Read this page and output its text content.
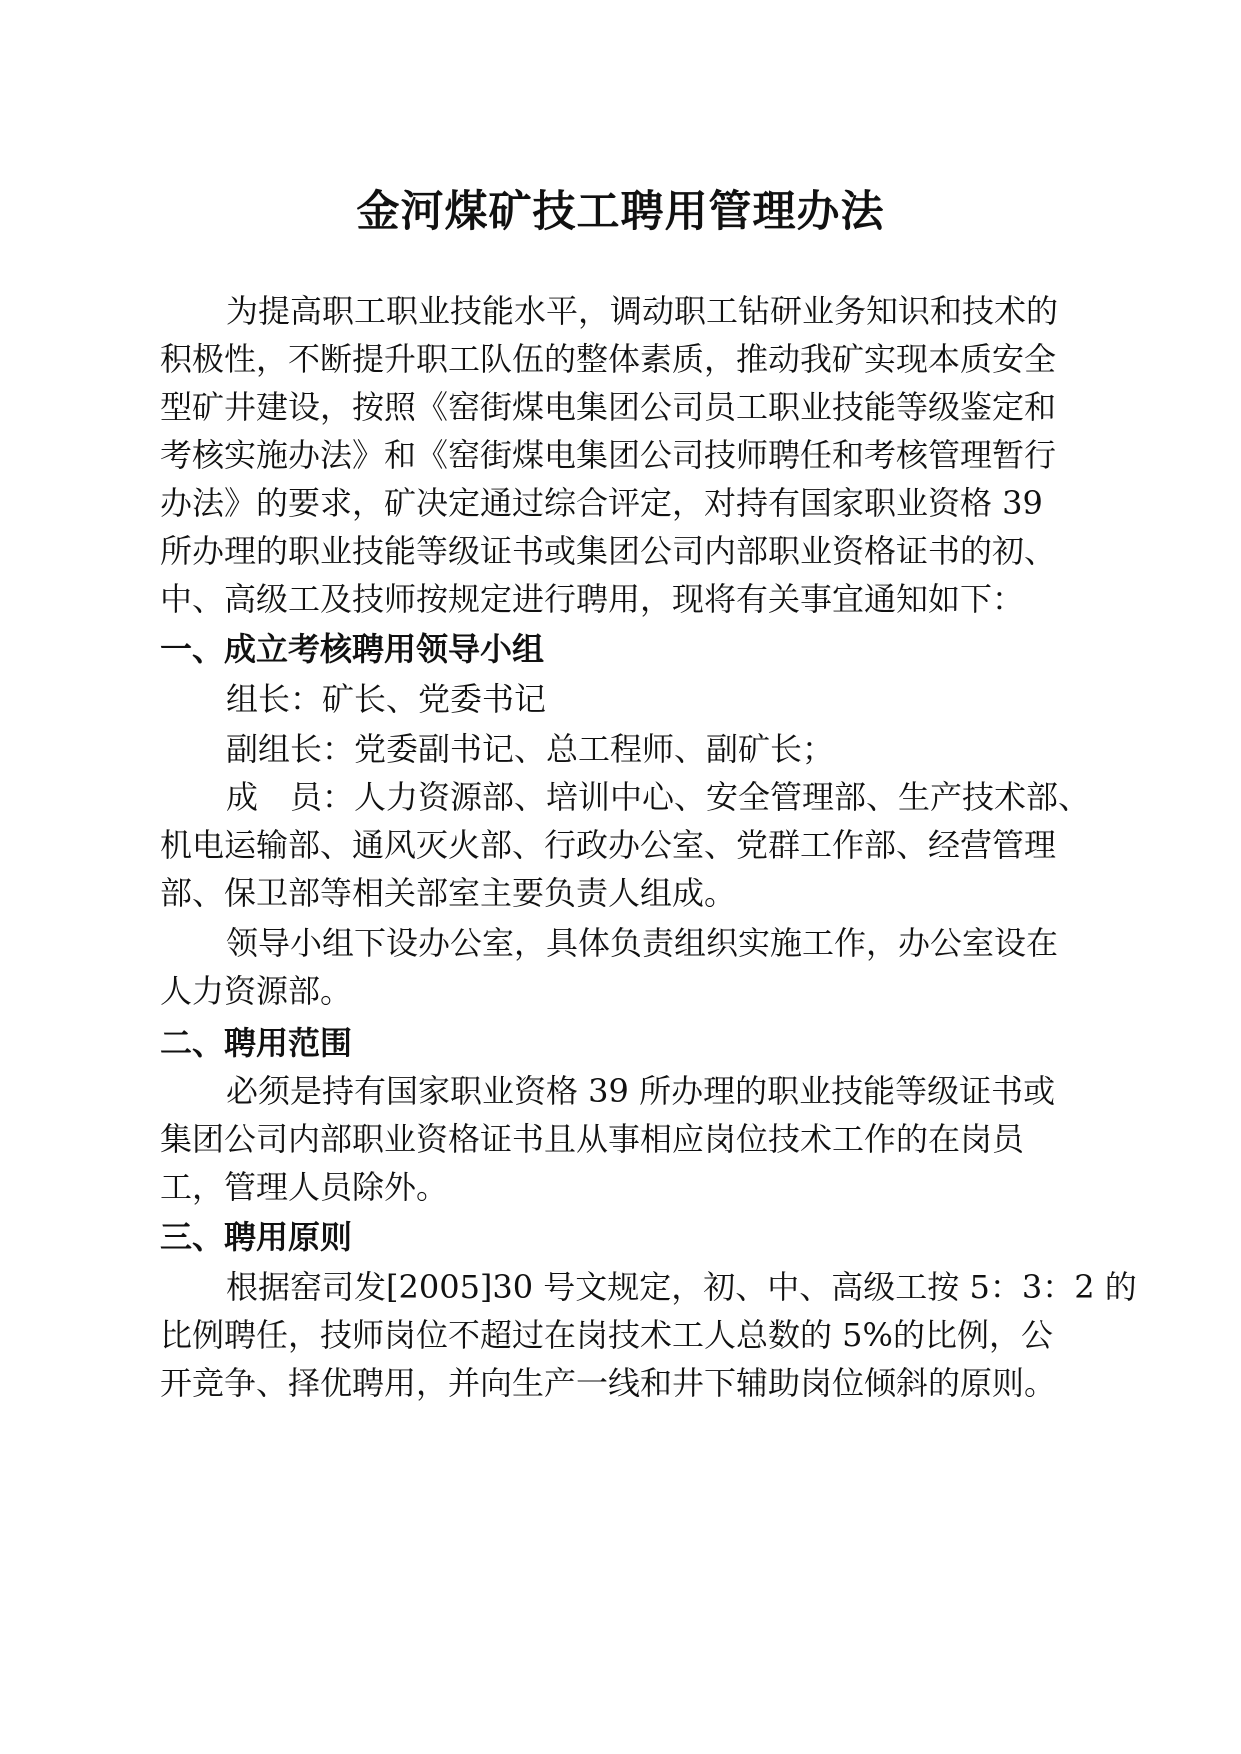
金河煤矿技工聘用管理办法
为提高职工职业技能水平，调动职工钻研业务知识和技术的
积极性，不断提升职工队伍的整体素质，推动我矿实现本质安全
型矿井建设，按照《窑街煤电集团公司员工职业技能等级鉴定和
考核实施办法》和《窑街煤电集团公司技师聘任和考核管理暂行
办法》的要求，矿决定通过综合评定，对持有国家职业资格 39
所办理的职业技能等级证书或集团公司内部职业资格证书的初、
中、高级工及技师按规定进行聘用，现将有关事宜通知如下：
一、成立考核聘用领导小组
组长：矿长、党委书记
副组长：党委副书记、总工程师、副矿长；
成　员：人力资源部、培训中心、安全管理部、生产技术部、
机电运输部、通风灭火部、行政办公室、党群工作部、经营管理
部、保卫部等相关部室主要负责人组成。
领导小组下设办公室，具体负责组织实施工作，办公室设在
人力资源部。
二、聘用范围
必须是持有国家职业资格 39 所办理的职业技能等级证书或
集团公司内部职业资格证书且从事相应岗位技术工作的在岗员
工，管理人员除外。
三、聘用原则
根据窑司发[2005]30 号文规定，初、中、高级工按 5：3：2 的
比例聘任，技师岗位不超过在岗技术工人总数的 5%的比例，公
开竞争、择优聘用，并向生产一线和井下辅助岗位倾斜的原则。
